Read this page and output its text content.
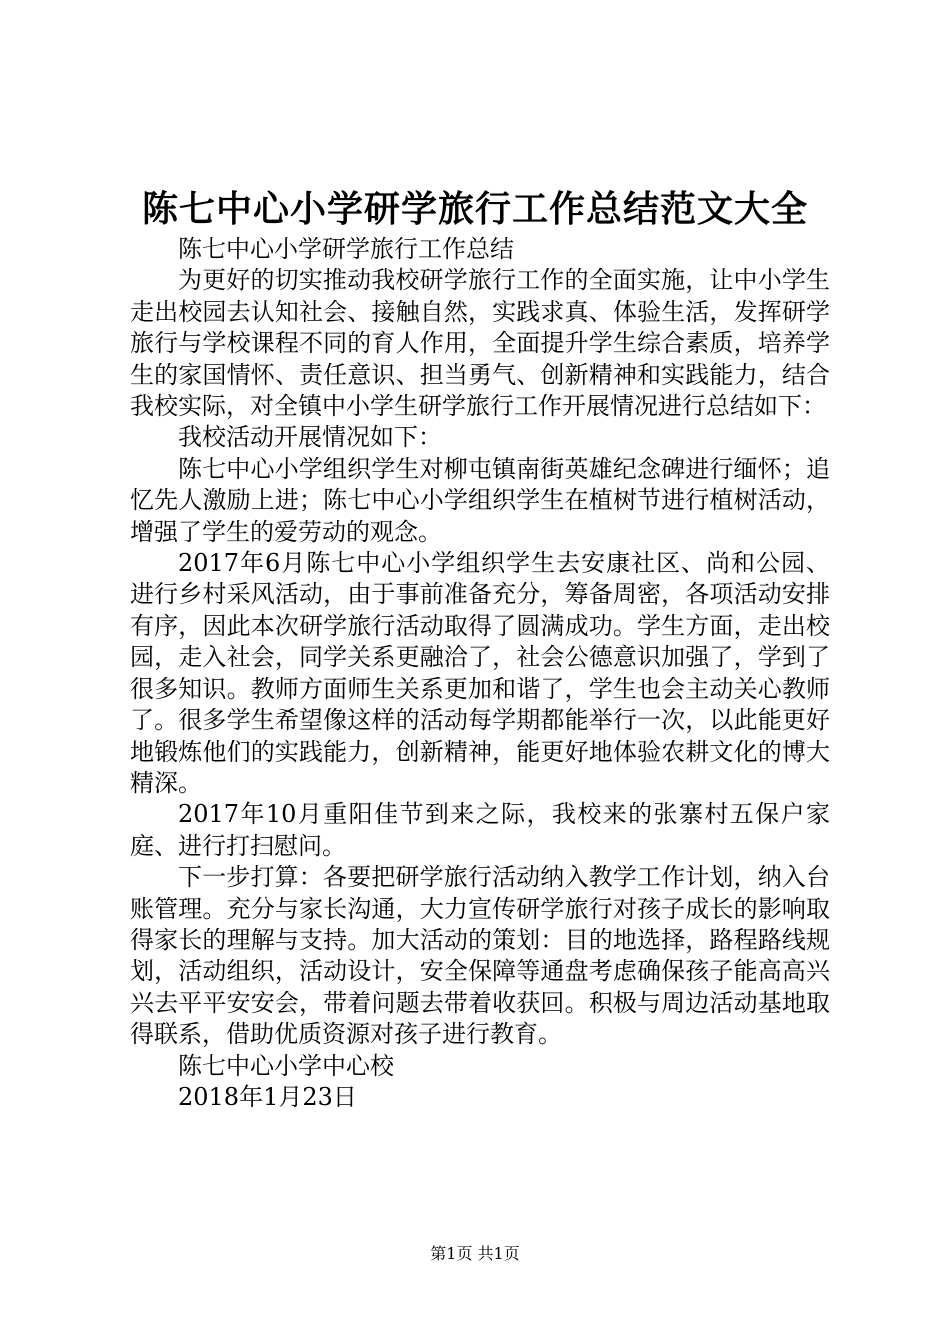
陈七中心小学研学旅行工作总结范文大全

陈七中心小学研学旅行工作总结

为更好的切实推动我校研学旅行工作的全面实施，让中小学生走出校园去认知社会、接触自然，实践求真、体验生活，发挥研学旅行与学校课程不同的育人作用，全面提升学生综合素质，培养学生的家国情怀、责任意识、担当勇气、创新精神和实践能力，结合我校实际，对全镇中小学生研学旅行工作开展情况进行总结如下：

我校活动开展情况如下：

陈七中心小学组织学生对柳屯镇南街英雄纪念碑进行缅怀；追忆先人激励上进；陈七中心小学组织学生在植树节进行植树活动，增强了学生的爱劳动的观念。

2017年6月陈七中心小学组织学生去安康社区、尚和公园、进行乡村采风活动，由于事前准备充分，筹备周密，各项活动安排有序，因此本次研学旅行活动取得了圆满成功。学生方面，走出校园，走入社会，同学关系更融洽了，社会公德意识加强了，学到了很多知识。教师方面师生关系更加和谐了，学生也会主动关心教师了。很多学生希望像这样的活动每学期都能举行一次，以此能更好地锻炼他们的实践能力，创新精神，能更好地体验农耕文化的博大精深。

2017年10月重阳佳节到来之际，我校来的张寨村五保户家庭、进行打扫慰问。

下一步打算：各要把研学旅行活动纳入教学工作计划，纳入台账管理。充分与家长沟通，大力宣传研学旅行对孩子成长的影响取得家长的理解与支持。加大活动的策划：目的地选择，路程路线规划，活动组织，活动设计，安全保障等通盘考虑确保孩子能高高兴兴去平平安安会，带着问题去带着收获回。积极与周边活动基地取得联系，借助优质资源对孩子进行教育。

陈七中心小学中心校

2018年1月23日

第1页 共1页
